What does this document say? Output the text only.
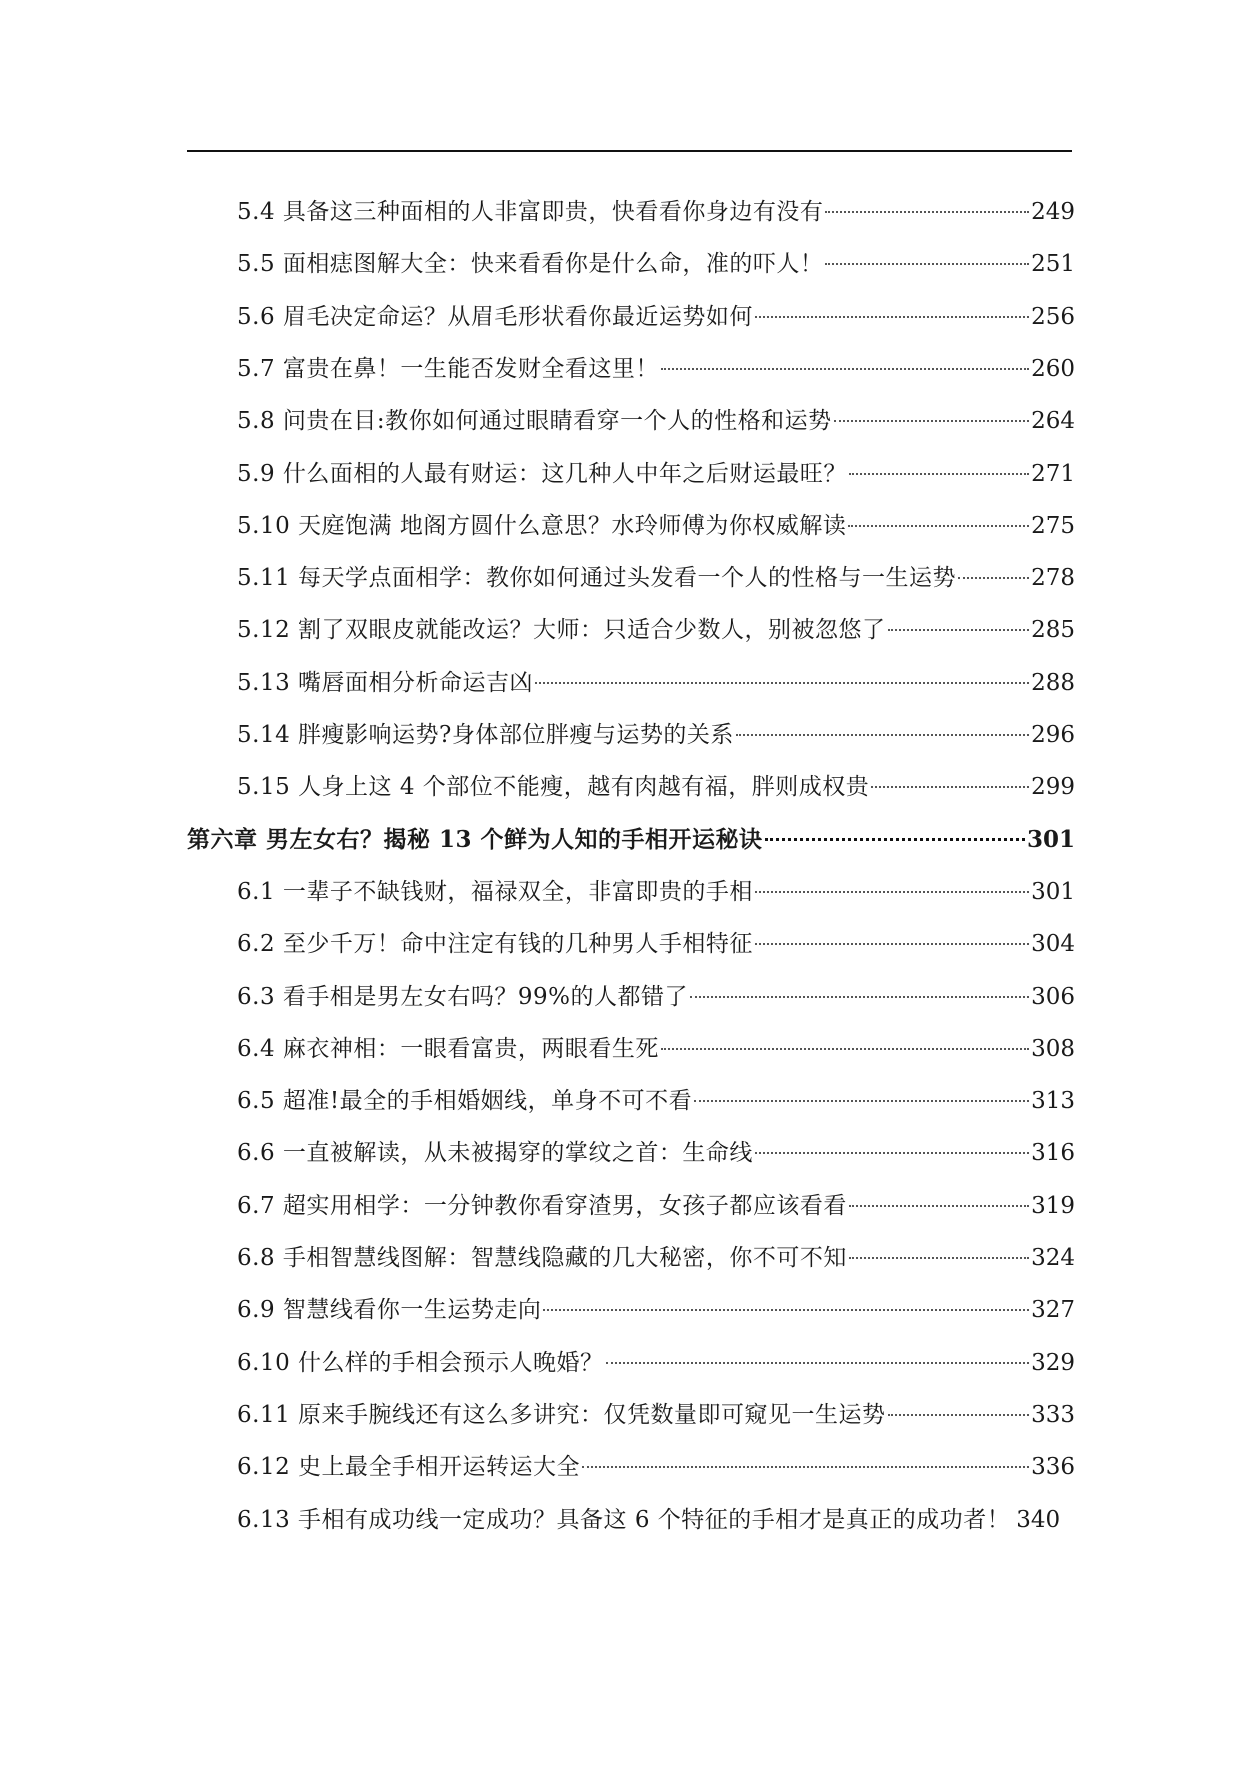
5.4 具备这三种面相的人非富即贵，快看看你身边有没有	249
5.5 面相痣图解大全：快来看看你是什么命，准的吓人！	251
5.6 眉毛决定命运？从眉毛形状看你最近运势如何	256
5.7 富贵在鼻！一生能否发财全看这里！	260
5.8 问贵在目:教你如何通过眼睛看穿一个人的性格和运势	264
5.9 什么面相的人最有财运：这几种人中年之后财运最旺？	271
5.10 天庭饱满 地阁方圆什么意思？水玲师傅为你权威解读	275
5.11 每天学点面相学：教你如何通过头发看一个人的性格与一生运势	278
5.12 割了双眼皮就能改运？大师：只适合少数人，别被忽悠了	285
5.13 嘴唇面相分析命运吉凶	288
5.14 胖瘦影响运势?身体部位胖瘦与运势的关系	296
5.15 人身上这 4 个部位不能瘦，越有肉越有福，胖则成权贵	299
第六章 男左女右？揭秘 13 个鲜为人知的手相开运秘诀	301
6.1 一辈子不缺钱财，福禄双全，非富即贵的手相	301
6.2 至少千万！命中注定有钱的几种男人手相特征	304
6.3 看手相是男左女右吗？99%的人都错了	306
6.4 麻衣神相：一眼看富贵，两眼看生死	308
6.5 超准!最全的手相婚姻线，单身不可不看	313
6.6 一直被解读，从未被揭穿的掌纹之首：生命线	316
6.7 超实用相学：一分钟教你看穿渣男，女孩子都应该看看	319
6.8 手相智慧线图解：智慧线隐藏的几大秘密，你不可不知	324
6.9 智慧线看你一生运势走向	327
6.10 什么样的手相会预示人晚婚？	329
6.11 原来手腕线还有这么多讲究：仅凭数量即可窥见一生运势	333
6.12 史上最全手相开运转运大全	336
6.13 手相有成功线一定成功？具备这 6 个特征的手相才是真正的成功者！ 340
